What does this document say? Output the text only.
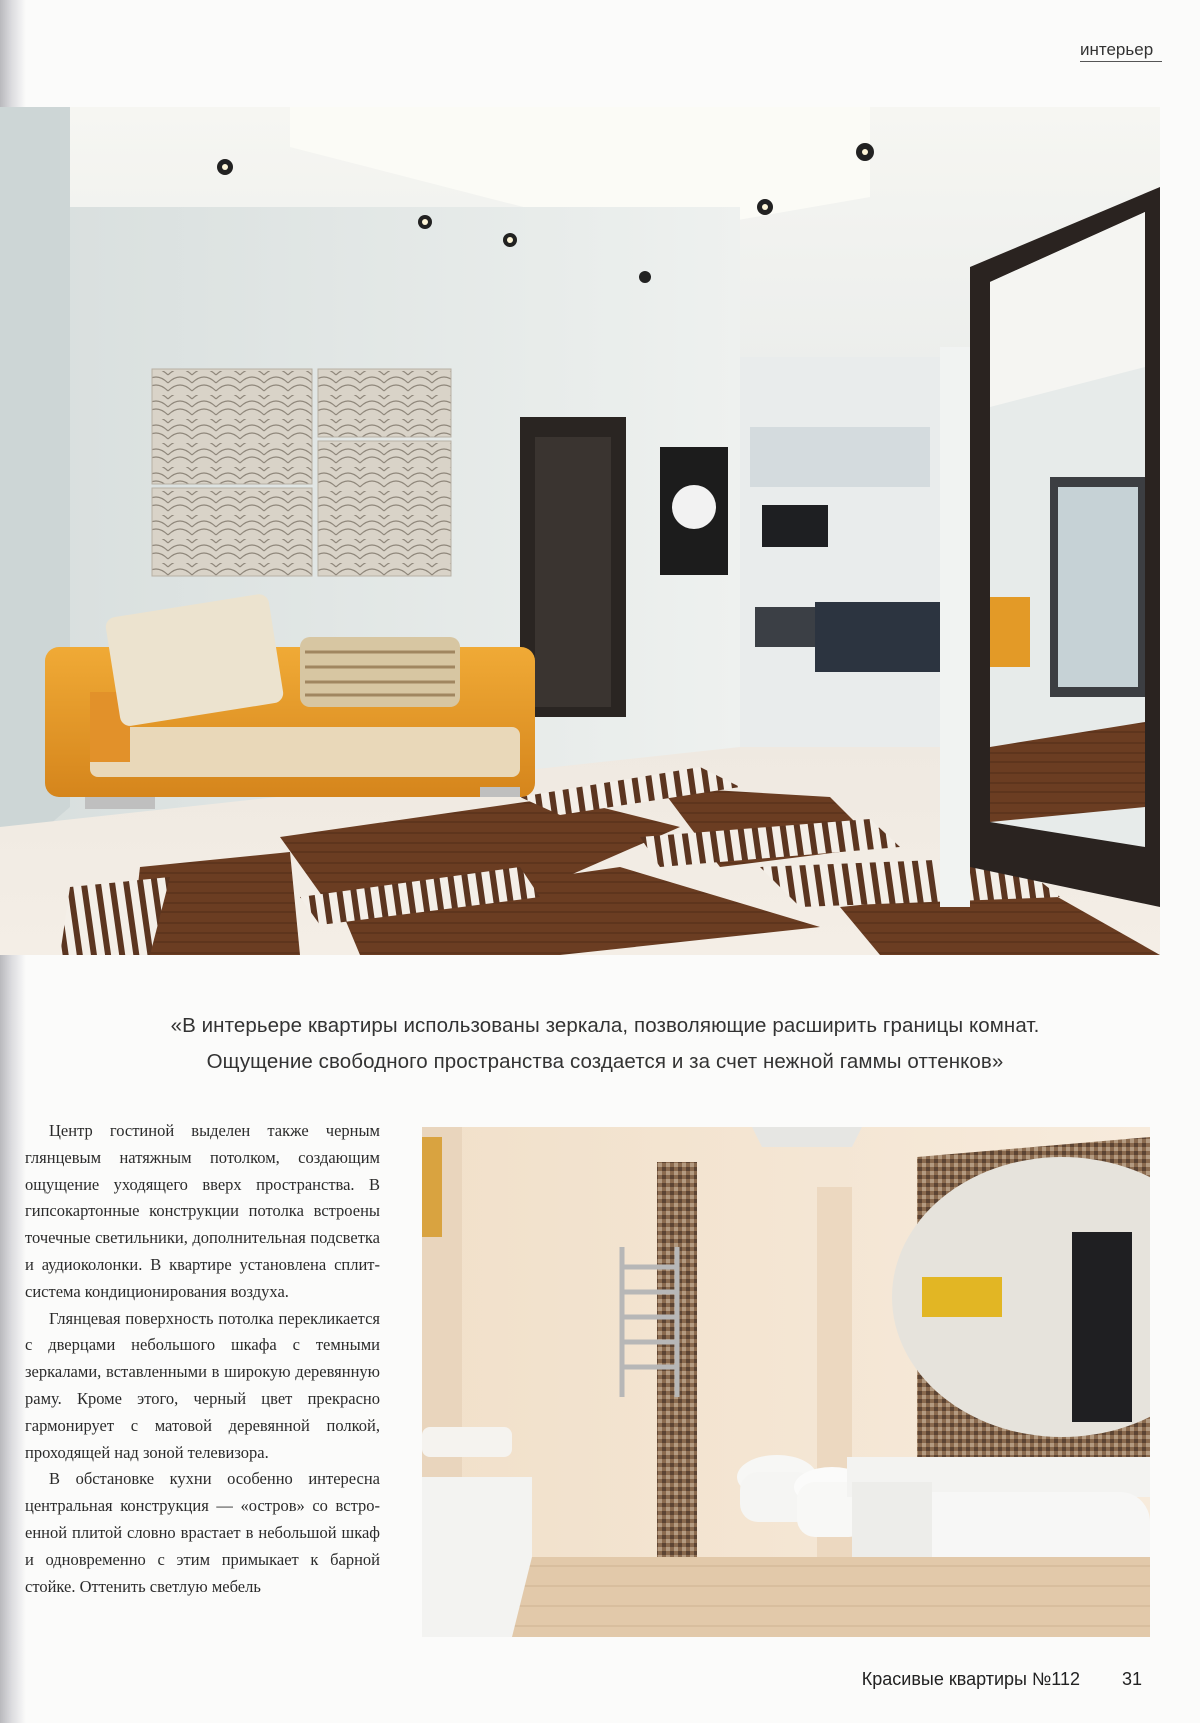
интерьер
«В интерьере квартиры использованы зеркала, позволяющие расширить границы комнат.
Ощущение свободного пространства создается и за счет нежной гаммы оттенков»

Центр гостиной выделен также черным глянцевым натяжным потолком, создающим ощущение уходящего вверх пространства. В гипсокартонные конструкции потолка встроены точечные светильники, дополнительная подсветка и аудиоколонки. В квартире установлена сплит-система кондиционирования воздуха.

Глянцевая поверхность потолка перекликается с дверцами небольшого шкафа с темными зеркалами, вставленными в широкую деревянную раму. Кроме этого, черный цвет прекрасно гармонирует с матовой деревянной полкой, проходящей над зоной телевизора.

В обстановке кухни особенно интересна центральная конструкция — «остров» со встроенной плитой словно врастает в небольшой шкаф и одновременно с этим примыкает к барной стойке. Оттенить светлую мебель

Красивые квартиры №112 31
